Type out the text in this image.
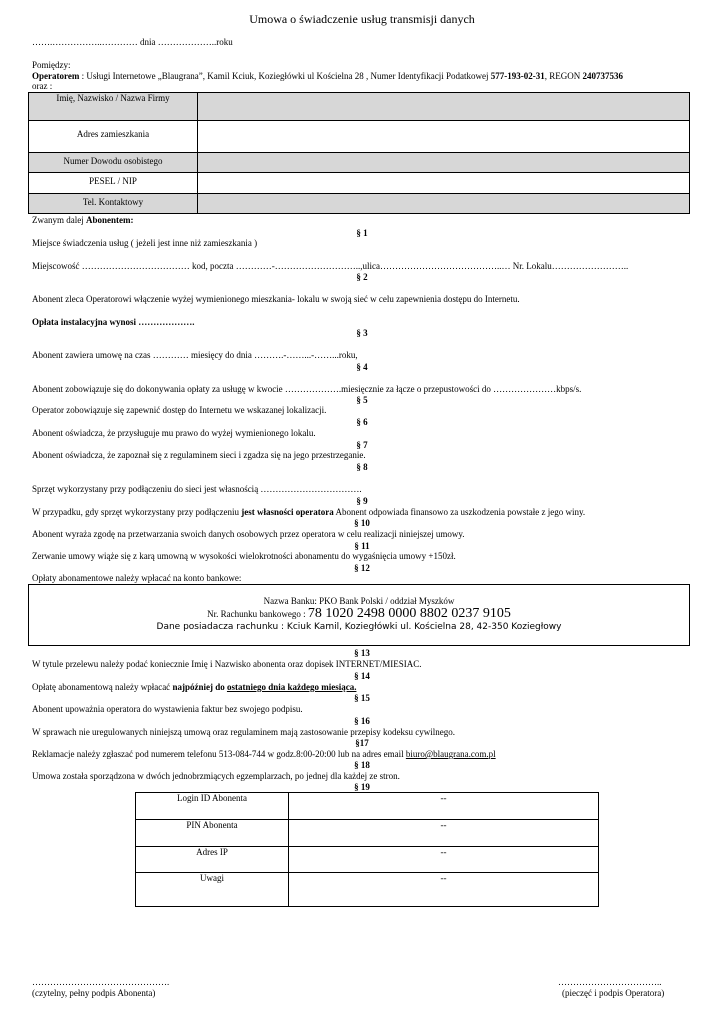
Umowa o świadczenie usług transmisji danych
…….……………..………… dnia ………………..roku
Pomiędzy:
Operatorem : Usługi Internetowe „Blaugrana”, Kamil Kciuk, Koziegłówki ul Kościelna 28 , Numer Identyfikacji Podatkowej 577-193-02-31, REGON 240737536
oraz :
Imię, Nazwisko / Nazwa Firmy	
Adres zamieszkania	
Numer Dowodu osobistego	
PESEL / NIP	
Tel. Kontaktowy	
Zwanym dalej Abonentem:
§ 1
Miejsce świadczenia usług ( jeżeli jest inne niż zamieszkania )
Miejscowość ……………………………… kod, poczta …………-………………………..,ulica…………………………………..… Nr. Lokalu……………………..
§ 2
Abonent zleca Operatorowi włączenie wyżej wymienionego mieszkania- lokalu w swoją sieć w celu zapewnienia dostępu do Internetu.
Opłata instalacyjna wynosi ……………….
§ 3
Abonent zawiera umowę na czas ………… miesięcy do dnia ……….-……...-……...roku,
§ 4
Abonent zobowiązuje się do dokonywania opłaty za usługę w kwocie ……………….miesięcznie za łącze o przepustowości do …………………kbps/s.
§ 5
Operator zobowiązuje się zapewnić dostęp do Internetu we wskazanej lokalizacji.
§ 6
Abonent oświadcza, że przysługuje mu prawo do wyżej wymienionego lokalu.
§ 7
Abonent oświadcza, że zapoznał się z regulaminem sieci i zgadza się na jego przestrzeganie.
§ 8
Sprzęt wykorzystany przy podłączeniu do sieci jest własnością …………………………….
§ 9
W przypadku, gdy sprzęt wykorzystany przy podłączeniu jest własności operatora Abonent odpowiada finansowo za uszkodzenia powstałe z jego winy.
§ 10
Abonent wyraża zgodę na przetwarzania swoich danych osobowych przez operatora w celu realizacji niniejszej umowy.
§ 11
Zerwanie umowy wiąże się z karą umowną w wysokości wielokrotności abonamentu do wygaśnięcia umowy +150zł.
§ 12
Opłaty abonamentowe należy wpłacać na konto bankowe:
Nazwa Banku: PKO Bank Polski / oddział Myszków
Nr. Rachunku bankowego : 78 1020 2498 0000 8802 0237 9105
Dane posiadacza rachunku : Kciuk Kamil, Koziegłówki ul. Kościelna 28, 42-350 Koziegłowy
§ 13
W tytule przelewu należy podać koniecznie Imię i Nazwisko abonenta oraz dopisek INTERNET/MIESIAC.
§ 14
Opłatę abonamentową należy wpłacać najpóźniej do ostatniego dnia każdego miesiąca.
§ 15
Abonent upoważnia operatora do wystawienia faktur bez swojego podpisu.
§ 16
W sprawach nie uregulowanych niniejszą umową oraz regulaminem mają zastosowanie przepisy kodeksu cywilnego.
§17
Reklamacje należy zgłaszać pod numerem telefonu 513-084-744 w godz.8:00-20:00 lub na adres email biuro@blaugrana.com.pl
§ 18
Umowa została sporządzona w dwóch jednobrzmiących egzemplarzach, po jednej dla każdej ze stron.
§ 19
Login ID Abonenta	--
PIN Abonenta	--
Adres IP	--
Uwagi	--
……………………………………….
(czytelny, pełny podpis Abonenta)
……………………………..
(pieczęć i podpis Operatora)
